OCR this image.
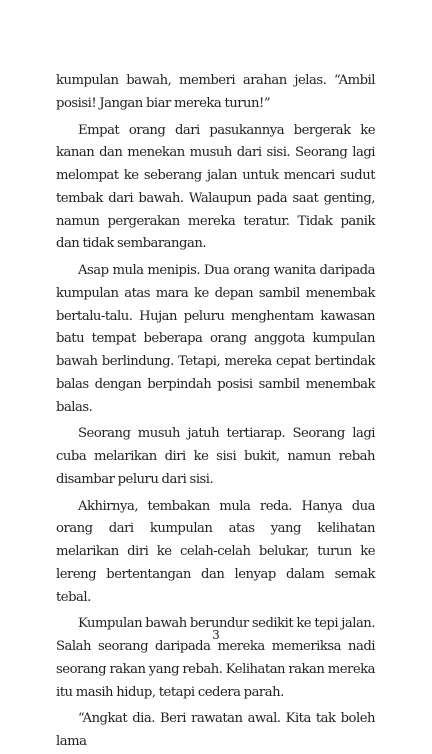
kumpulan bawah, memberi arahan jelas. “Ambil posisi! Jangan biar mereka turun!”

Empat orang dari pasukannya bergerak ke kanan dan menekan musuh dari sisi. Seorang lagi melompat ke seberang jalan untuk mencari sudut tembak dari bawah. Walaupun pada saat genting, namun pergerakan mereka teratur. Tidak panik dan tidak sembarangan.

Asap mula menipis. Dua orang wanita daripada kumpulan atas mara ke depan sambil menembak bertalu-talu. Hujan peluru menghentam kawasan batu tempat beberapa orang anggota kumpulan bawah berlindung. Tetapi, mereka cepat bertindak balas dengan berpindah posisi sambil menembak balas.

Seorang musuh jatuh tertiarap. Seorang lagi cuba melarikan diri ke sisi bukit, namun rebah disambar peluru dari sisi.

Akhirnya, tembakan mula reda. Hanya dua orang dari kumpulan atas yang kelihatan melarikan diri ke celah-celah belukar, turun ke lereng bertentangan dan lenyap dalam semak tebal.

Kumpulan bawah berundur sedikit ke tepi jalan. Salah seorang daripada mereka memeriksa nadi seorang rakan yang rebah. Kelihatan rakan mereka itu masih hidup, tetapi cedera parah.

“Angkat dia. Beri rawatan awal. Kita tak boleh lama

3
